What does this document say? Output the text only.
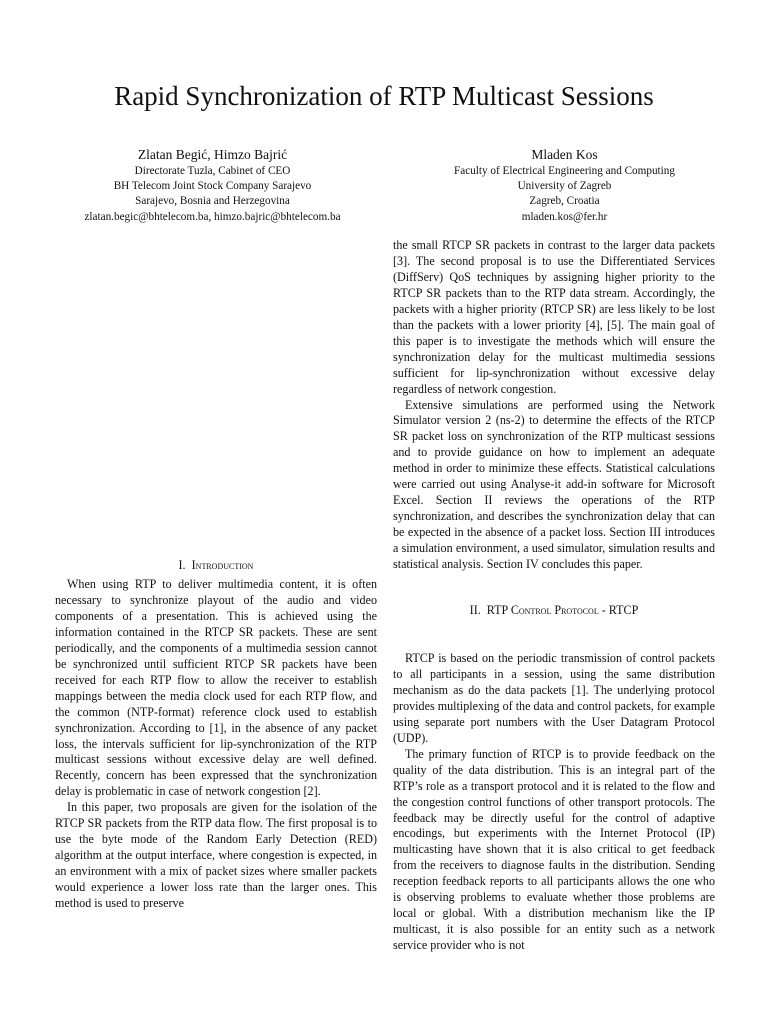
Rapid Synchronization of RTP Multicast Sessions
Zlatan Begić, Himzo Bajrić
Directorate Tuzla, Cabinet of CEO
BH Telecom Joint Stock Company Sarajevo
Sarajevo, Bosnia and Herzegovina
zlatan.begic@bhtelecom.ba, himzo.bajric@bhtelecom.ba
Mladen Kos
Faculty of Electrical Engineering and Computing
University of Zagreb
Zagreb, Croatia
mladen.kos@fer.hr
I. Introduction

When using RTP to deliver multimedia content, it is often necessary to synchronize playout of the audio and video components of a presentation. This is achieved using the information contained in the RTCP SR packets. These are sent periodically, and the components of a multimedia session cannot be synchronized until sufficient RTCP SR packets have been received for each RTP flow to allow the receiver to establish mappings between the media clock used for each RTP flow, and the common (NTP-format) reference clock used to establish synchronization. According to [1], in the absence of any packet loss, the intervals sufficient for lip-synchronization of the RTP multicast sessions without excessive delay are well defined. Recently, concern has been expressed that the synchronization delay is problematic in case of network congestion [2].

In this paper, two proposals are given for the isolation of the RTCP SR packets from the RTP data flow. The first proposal is to use the byte mode of the Random Early Detection (RED) algorithm at the output interface, where congestion is expected, in an environment with a mix of packet sizes where smaller packets would experience a lower loss rate than the larger ones. This method is used to preserve

the small RTCP SR packets in contrast to the larger data packets [3]. The second proposal is to use the Differentiated Services (DiffServ) QoS techniques by assigning higher priority to the RTCP SR packets than to the RTP data stream. Accordingly, the packets with a higher priority (RTCP SR) are less likely to be lost than the packets with a lower priority [4], [5]. The main goal of this paper is to investigate the methods which will ensure the synchronization delay for the multicast multimedia sessions sufficient for lip-synchronization without excessive delay regardless of network congestion.

Extensive simulations are performed using the Network Simulator version 2 (ns-2) to determine the effects of the RTCP SR packet loss on synchronization of the RTP multicast sessions and to provide guidance on how to implement an adequate method in order to minimize these effects. Statistical calculations were carried out using Analyse-it add-in software for Microsoft Excel. Section II reviews the operations of the RTP synchronization, and describes the synchronization delay that can be expected in the absence of a packet loss. Section III introduces a simulation environment, a used simulator, simulation results and statistical analysis. Section IV concludes this paper.

II. RTP Control Protocol - RTCP

RTCP is based on the periodic transmission of control packets to all participants in a session, using the same distribution mechanism as do the data packets [1]. The underlying protocol provides multiplexing of the data and control packets, for example using separate port numbers with the User Datagram Protocol (UDP).

The primary function of RTCP is to provide feedback on the quality of the data distribution. This is an integral part of the RTP’s role as a transport protocol and it is related to the flow and the congestion control functions of other transport protocols. The feedback may be directly useful for the control of adaptive encodings, but experiments with the Internet Protocol (IP) multicasting have shown that it is also critical to get feedback from the receivers to diagnose faults in the distribution. Sending reception feedback reports to all participants allows the one who is observing problems to evaluate whether those problems are local or global. With a distribution mechanism like the IP multicast, it is also possible for an entity such as a network service provider who is not
